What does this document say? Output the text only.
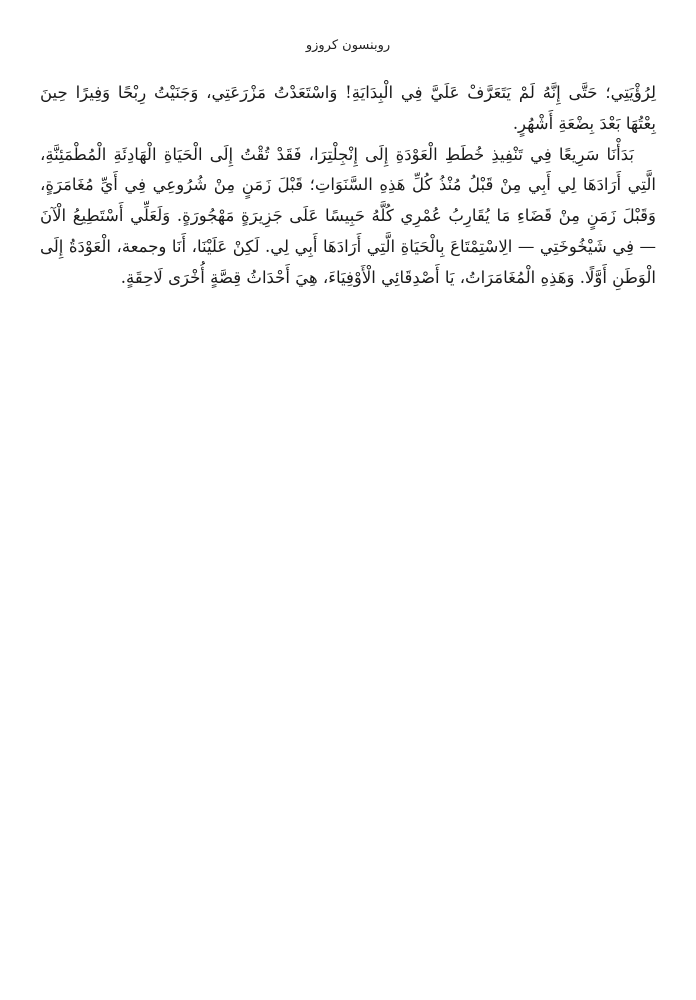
روبنسون كروزو

لِرُؤْيَتِي؛ حَتَّى إِنَّهُ لَمْ يَتَعَرَّفْ عَلَيَّ فِي الْبِدَايَةِ! وَاسْتَعَدْتُ مَزْرَعَتِي، وَجَنَيْتُ رِبْحًا وَفِيرًا حِينَ بِعْتُهَا بَعْدَ بِضْعَةِ أَشْهُرٍ.

بَدَأْنَا سَرِيعًا فِي تَنْفِيذِ خُطَطِ الْعَوْدَةِ إِلَى إِنْجِلْتِرَا، فَقَدْ تُقْتُ إِلَى الْحَيَاةِ الْهَادِئَةِ الْمُطْمَئِنَّةِ، الَّتِي أَرَادَهَا لِي أَبِي مِنْ قَبْلُ مُنْذُ كُلِّ هَذِهِ السَّنَوَاتِ؛ قَبْلَ زَمَنٍ مِنْ شُرُوعِي فِي أَيِّ مُغَامَرَةٍ، وَقَبْلَ زَمَنٍ مِنْ قَضَاءِ مَا يُقَارِبُ عُمْرِي كُلَّهُ حَبِيسًا عَلَى جَزِيرَةٍ مَهْجُورَةٍ. وَلَعَلِّي أَسْتَطِيعُ الْآنَ — فِي شَيْخُوخَتِي — الِاسْتِمْتَاعَ بِالْحَيَاةِ الَّتِي أَرَادَهَا أَبِي لِي. لَكِنْ عَلَيْنَا، أَنَا وجمعة، الْعَوْدَةُ إِلَى الْوَطَنِ أَوَّلًا. وَهَذِهِ الْمُغَامَرَاتُ، يَا أَصْدِقَائِي الْأَوْفِيَاءَ، هِيَ أَحْدَاثُ قِصَّةٍ أُخْرَى لَاحِقَةٍ.
